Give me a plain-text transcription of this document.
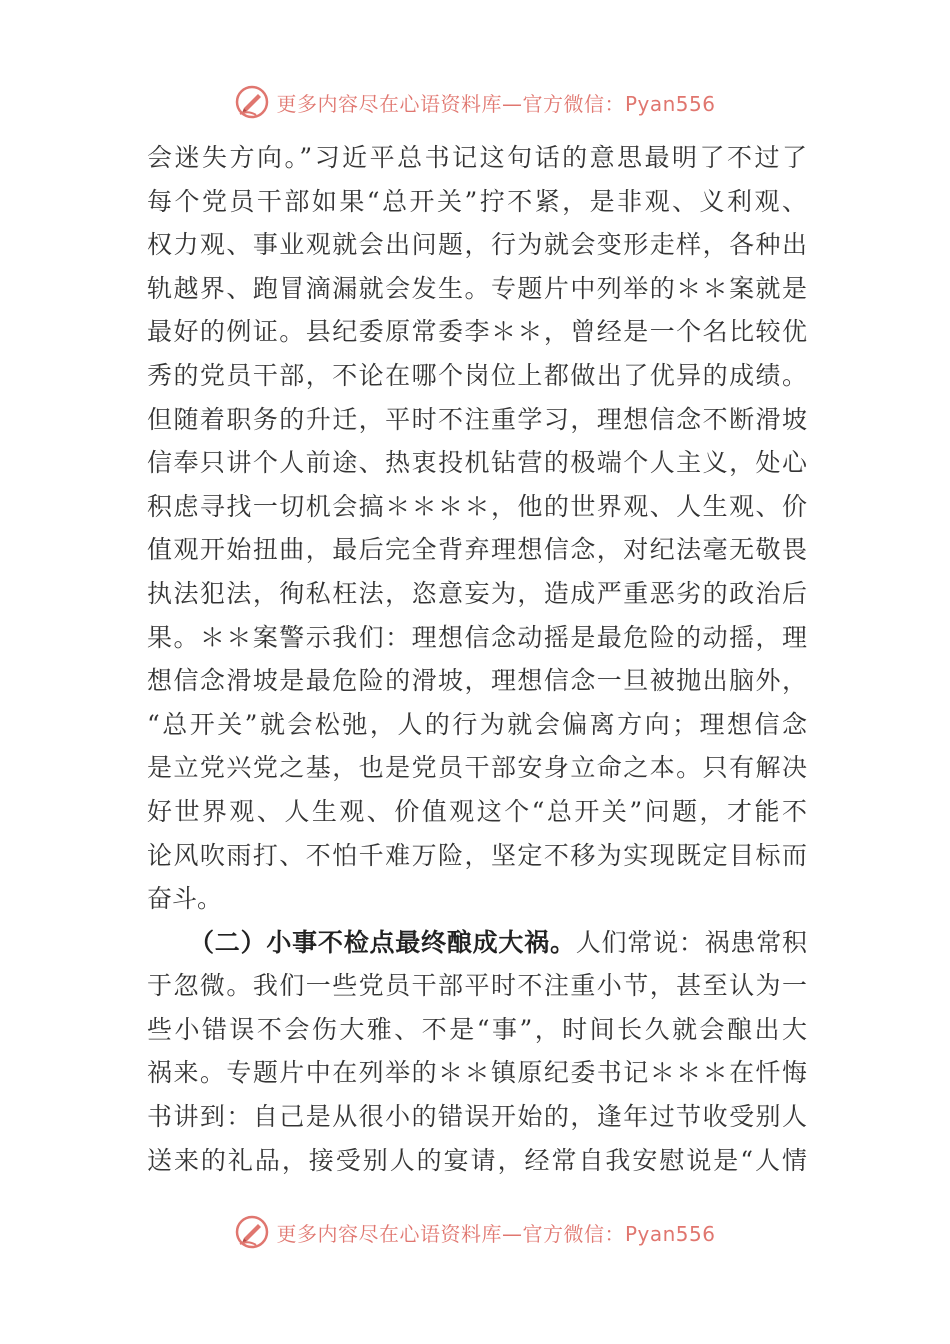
更多内容尽在心语资料库—官方微信：Pyan556
会迷失方向。”习近平总书记这句话的意思最明了不过了
每个党员干部如果“总开关”拧不紧，是非观、义利观、
权力观、事业观就会出问题，行为就会变形走样，各种出
轨越界、跑冒滴漏就会发生。专题片中列举的＊＊案就是
最好的例证。县纪委原常委李＊＊，曾经是一个名比较优
秀的党员干部，不论在哪个岗位上都做出了优异的成绩。
但随着职务的升迁，平时不注重学习，理想信念不断滑坡
信奉只讲个人前途、热衷投机钻营的极端个人主义，处心
积虑寻找一切机会搞＊＊＊＊，他的世界观、人生观、价
值观开始扭曲，最后完全背弃理想信念，对纪法毫无敬畏
执法犯法，徇私枉法，恣意妄为，造成严重恶劣的政治后
果。＊＊案警示我们：理想信念动摇是最危险的动摇，理
想信念滑坡是最危险的滑坡，理想信念一旦被抛出脑外，
“总开关”就会松弛，人的行为就会偏离方向；理想信念
是立党兴党之基，也是党员干部安身立命之本。只有解决
好世界观、人生观、价值观这个“总开关”问题，才能不
论风吹雨打、不怕千难万险，坚定不移为实现既定目标而
奋斗。
（二）小事不检点最终酿成大祸。人们常说：祸患常积
于忽微。我们一些党员干部平时不注重小节，甚至认为一
些小错误不会伤大雅、不是“事”，时间长久就会酿出大
祸来。专题片中在列举的＊＊镇原纪委书记＊＊＊在忏悔
书讲到：自己是从很小的错误开始的，逢年过节收受别人
送来的礼品，接受别人的宴请，经常自我安慰说是“人情
更多内容尽在心语资料库—官方微信：Pyan556
